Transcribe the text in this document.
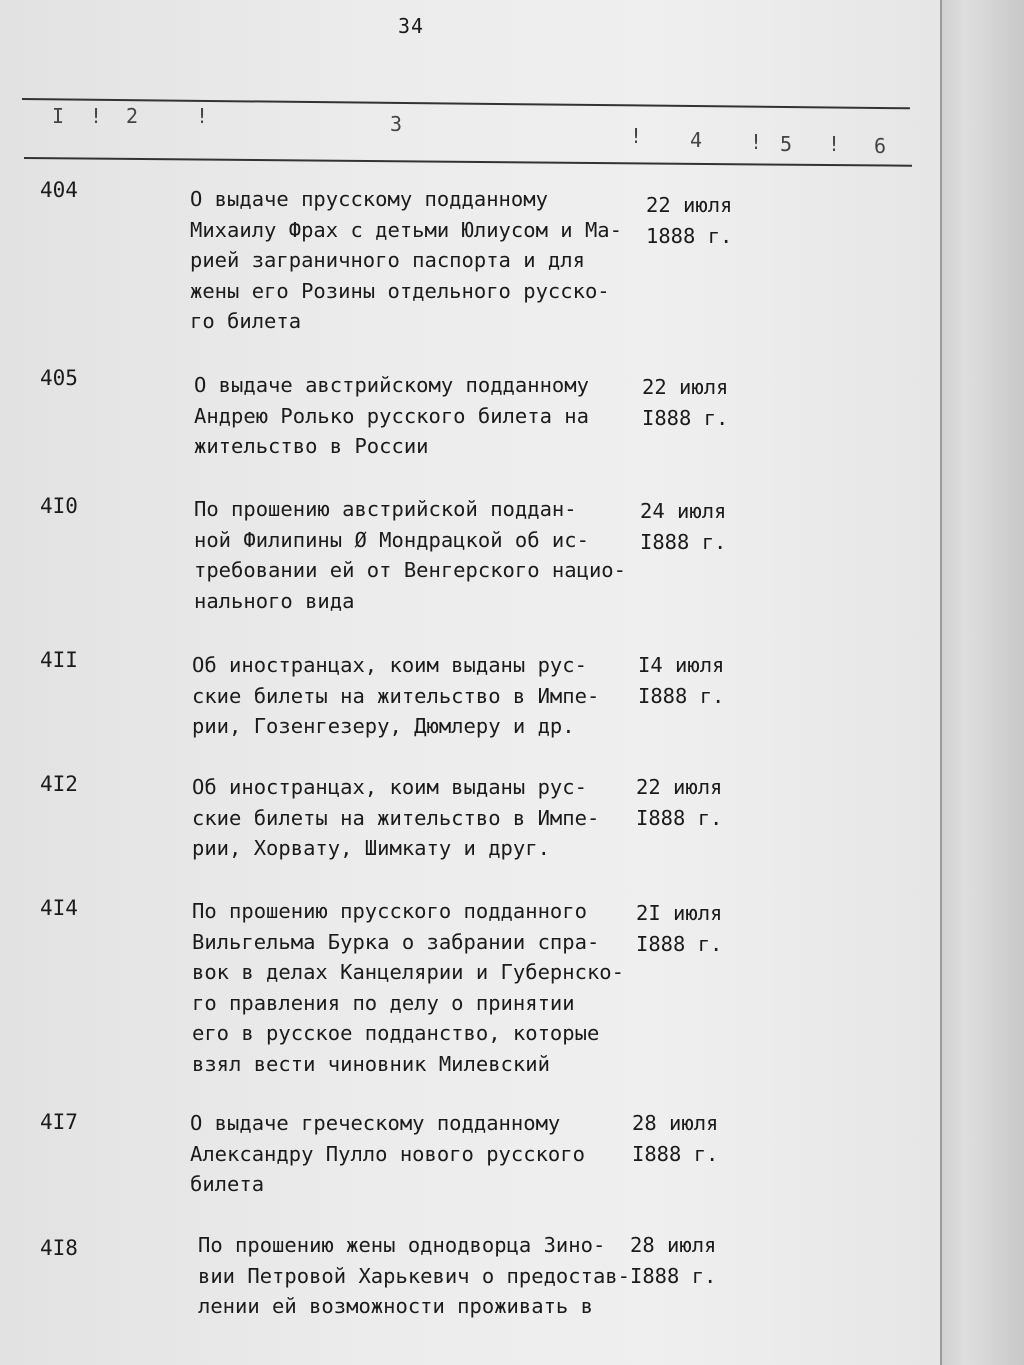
34
I ! 2	!	3	! 4 ! 5 ! 6
404	О выдаче прусскому подданному
Михаилу Фрах с детьми Юлиусом и Ма-
рией заграничного паспорта и для
жены его Розины отдельного русско-
го билета
22 июля
1888 г.
405	О выдаче австрийскому подданному
Андрею Ролько русского билета на
жительство в России
22 июля
I888 г.
4I0	По прошению австрийской поддан-
ной Филипины Ø Мондрацкой об ис-
требовании ей от Венгерского нацио-
нального вида
24 июля
I888 г.
4II	Об иностранцах, коим выданы рус-
ские билеты на жительство в Импе-
рии, Гозенгезеру, Дюмлеру и др.
I4 июля
I888 г.
4I2	Об иностранцах, коим выданы рус-
ские билеты на жительство в Импе-
рии, Хорвату, Шимкату и друг.
22 июля
I888 г.
4I4	По прошению прусского подданного
Вильгельма Бурка о забрании спра-
вок в делах Канцелярии и Губернско-
го правления по делу о принятии
его в русское подданство, которые
взял вести чиновник Милевский
2I июля
I888 г.
4I7	О выдаче греческому подданному
Александру Пулло нового русского
билета
28 июля
I888 г.
4I8	По прошению жены однодворца Зино-
вии Петровой Харькевич о предостав-
лении ей возможности проживать в
28 июля
I888 г.
